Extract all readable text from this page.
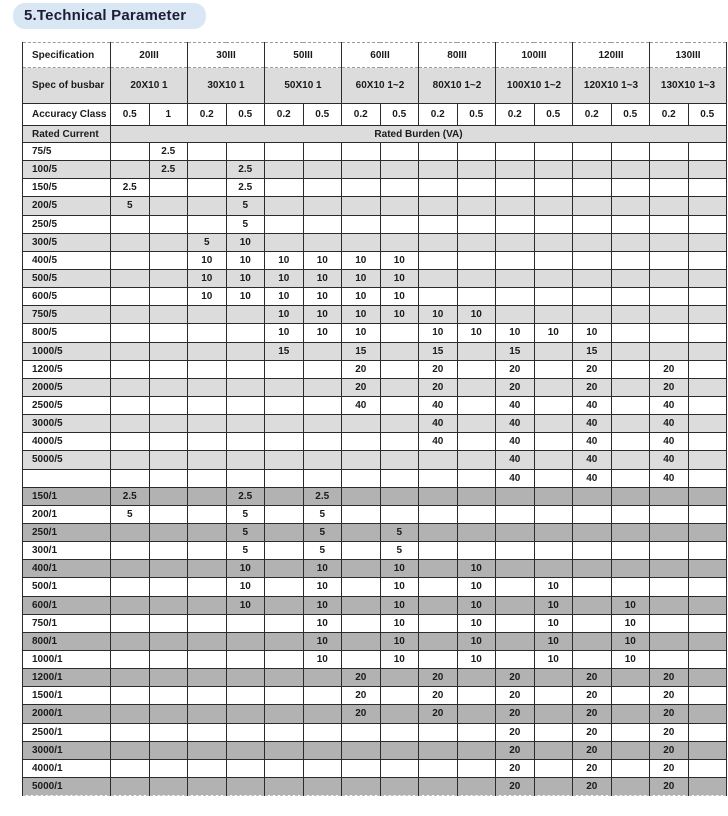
5.Technical Parameter
Specification	20III		30III		50III		60III		80III		100III		120III		130III	
Spec of busbar	20X10 1		30X10 1		50X10 1		60X10 1~2		80X10 1~2		100X10 1~2		120X10 1~3		130X10 1~3	
Accuracy Class	0.5	1	0.2	0.5	0.2	0.5	0.2	0.5	0.2	0.5	0.2	0.5	0.2	0.5	0.2	0.5
Rated Current	Rated Burden (VA)															
75/5		2.5														
100/5		2.5		2.5												
150/5	2.5			2.5												
200/5	5			5												
250/5				5												
300/5			5	10												
400/5			10	10	10	10	10	10								
500/5			10	10	10	10	10	10								
600/5			10	10	10	10	10	10								
750/5					10	10	10	10	10	10						
800/5					10	10	10		10	10	10	10	10			
1000/5					15		15		15		15		15			
1200/5							20		20		20		20		20	
2000/5							20		20		20		20		20	
2500/5							40		40		40		40		40	
3000/5									40		40		40		40	
4000/5									40		40		40		40	
5000/5											40		40		40	
											40		40		40	
150/1	2.5			2.5		2.5										
200/1	5			5		5										
250/1				5		5		5								
300/1				5		5		5								
400/1				10		10		10		10						
500/1				10		10		10		10		10				
600/1				10		10		10		10		10		10		
750/1						10		10		10		10		10		
800/1						10		10		10		10		10		
1000/1						10		10		10		10		10		
1200/1							20		20		20		20		20	
1500/1							20		20		20		20		20	
2000/1							20		20		20		20		20	
2500/1											20		20		20	
3000/1											20		20		20	
4000/1											20		20		20	
5000/1											20		20		20	
